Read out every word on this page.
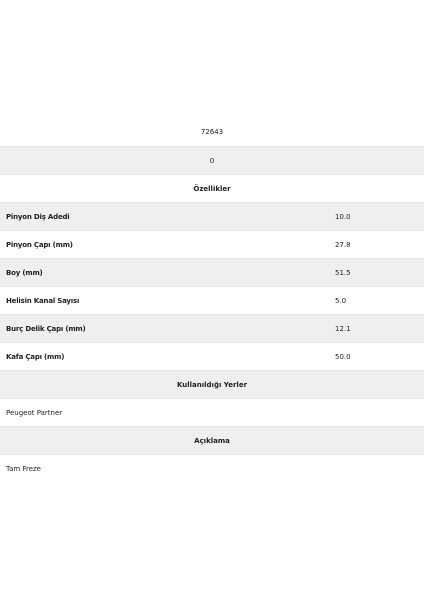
72643
0
Özellikler
Pinyon Diş Adedi	10.0
Pinyon Çapı (mm)	27.8
Boy (mm)	51.5
Helisin Kanal Sayısı	5.0
Burç Delik Çapı (mm)	12.1
Kafa Çapı (mm)	50.0
Kullanıldığı Yerler
Peugeot Partner
Açıklama
Tam Freze
